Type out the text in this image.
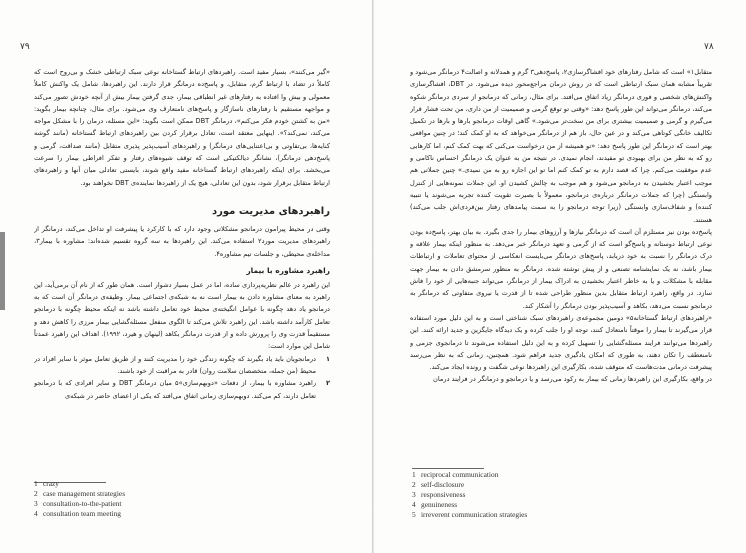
۷۹	۷۸

«گیر می‌کنند»، بسیار مفید است. راهبردهای ارتباط گستاخانه نوعی سبک ارتباطی خشک و بی‌روح است که کاملاً در تضاد با ارتباط گرم، متقابل، و پاسخ‌ده درمانگر قرار دارند. این راهبردها، شامل یک واکنش کاملاً معمولی و بیش‌ وا افتاده به رفتارهای غیر انطباقی بیمار، جدی گرفتن بیمار بیش از آنچه خودش تصور می‌کند و مواجهه مستقیم با رفتارهای ناسازگار و پاسخ‌های نامتعارف وی می‌شود. برای مثال، چنانچه بیمار بگوید: «من به کشتن خودم فکر می‌کنم»، درمانگر DBT ممکن است بگوید: «این مسئله، درمان را با مشکل مواجه می‌کند، نمی‌کند؟». اینهایی معتقد است، تعادل برقرار کردن بین راهبردهای ارتباط گستاخانه (مانند گوشه کنایه‌ها، بی‌تفاوتی و بی‌اعتنایی‌های درمانگر) و راهبردهای آسیب‌پذیر پذیری متقابل (مانند صداقت، گرمی و پاسخ‌دهی درمانگر)، نشانگر دیالکتیکی است که توقف شیوه‌های رفتار و تفکر افراطی بیمار را سرعت می‌بخشد. برای اینکه راهبردهای ارتباط گستاخانه مفید واقع شوند، بایستی تعادلی میان آنها و راهبردهای ارتباط متقابل برقرار شود، بدون این تعادلی، هیچ یک از راهبردها نماینده‌ی DBT نخواهند بود.

راهبردهای مدیریت مورد

وقتی در محیط پیرامون درمانجو مشکلاتی وجود دارد که با کارکرد یا پیشرفت او تداخل می‌کند، درمانگر از راهبردهای مدیریت مورد۲ استفاده می‌کند. این راهبردها به سه گروه تقسیم شده‌اند: مشاوره با بیمار۳، مداخله‌ی محیطی، و جلسات تیم مشاوره۴.

راهبرد مشاوره با بیمار

این راهبرد در عالم نظریه‌پردازی ساده، اما در عمل بسیار دشوار است. همان طور که از نام آن برمی‌آید، این راهبرد به معنای مشاوره دادن به بیمار است نه به شبکه‌ی اجتماعی بیمار. وظیفه‌ی درمانگر آن است که به درمانجو یاد دهد چگونه با عوامل انگیخته‌ی محیط خود تعامل داشته باشد نه اینکه محیط چگونه با درمانجو تعامل کارآمد داشته باشد. این راهبرد تلاش می‌کند تا الگوی منفعل مسئله‌گشایی بیمار مرزی را کاهش دهد و مستقیماً قدرت وی را پرورش داده و از قدرت درمانگر بکاهد (لینهان و هیرد، ۱۹۹۲). اهداف این راهبرد عمدتاً شامل این موارد است:

۱
درمانجویان باید یاد بگیرند که چگونه زندگی خود را مدیریت کنند و از طریق تعامل موثر با سایر افراد در محیط (من جمله، متخصصان سلامت روان) قادر به مراقبت از خود باشند.
۲
راهبرد مشاوره با بیمار، از دفعات «دوبهم‌سازی»۵ میان درمانگر DBT و سایر افرادی که با درمانجو تعامل دارند، کم می‌کند. دوبهم‌سازی زمانی اتفاق می‌افتد که یکی از اعضای حاضر در شبکه‌ی
1 crazy
2 case management strategies
3 consultation-to-the-patient
4 consultation team meeting

متقابل۱» است که شامل رفتارهای خود افشاگرسازی۲، پاسخ‌دهی۳ گرم و همدلانه و اصالت۴ درمانگر می‌شود و تقریباً مشابه همان سبک ارتباطی است که در روش درمان مراجع‌محور دیده می‌شود. در DBT، افشاگرسازی واکنش‌های شخصی و فوری درمانگر زیاد اتفاق می‌افتد. برای مثال، زمانی که درمانجو از سردی درمانگر شکوه می‌کند، درمانگر می‌تواند این طور پاسخ دهد: «وقتی تو توقع گرمی و صمیمیت از من داری، من تحت فشار قرار می‌گیرم و گرمی و صمیمیت بیشتری برای من سخت‌تر می‌شود.» گاهی اوقات درمانجو بارها و بارها در تکمیل تکالیف خانگی کوتاهی می‌کند و در عین حال، باز هم از درمانگر می‌خواهد که به او کمک کند؛ در چنین مواقعی بهتر است که درمانگر این طور پاسخ دهد: «تو همیشه از من درخواست می‌کنی که بهت کمک کنم، اما کارهایی رو که به نظر من برای بهبودی تو مفیدند، انجام نمیدی. در نتیجه من به عنوان یک درمانگر احساس ناکامی و عدم موفقیت می‌کنم. چرا که قصد دارم به تو کمک کنم اما تو این اجازه رو به من نمیدی.» چنین جملاتی هم موجب اعتبار بخشیدن به درمانجو می‌شود و هم موجب به چالش کشیدن او. این جملات نمونه‌هایی از کنترل وابستگی (چرا که جملات درمانگر درباره‌ی درمانجو، معمولاً با بصیرت تقویت کننده تجربه می‌شوند یا تنبیه کننده) و شفاف‌سازی وابستگی (زیرا توجه درمانجو را به سمت پیامدهای رفتار بین‌فردی‌اش جلب می‌کند) هستند.

پاسخ‌ده بودن نیز مستلزم آن است که درمانگر نیازها و آرزوهای بیمار را جدی بگیرد. به بیان بهتر، پاسخ‌ده بودن نوعی ارتباط دوستانه و پاسخ‌گو است که از گرمی و تعهد درمانگر خبر می‌دهد. به منظور اینکه بیمار علاقه و درک درمانگر را نسبت به خود دریابد، پاسخ‌های درمانگر می‌بایست انعکاسی از محتوای تعاملات و ارتباطات بیمار باشد، نه یک نمایشنامه تصنعی و از پیش نوشته شده. درمانگر به منظور سرمشق دادن به بیمار جهت مقابله با مشکلات و یا به خاطر اعتبار بخشیدن به ادراک بیمار از درمانگر، می‌تواند جنبه‌هایی از خود را فاش سازد. در واقع، راهبرد ارتباط متقابل بدین منظور طراحی شده تا از قدرت یا نیروی متفاوتی که درمانگر به درمانجو نسبت می‌دهد، بکاهد و آسیب‌پذیر بودن درمانگر را آشکار کند.

«راهبردهای ارتباط گستاخانه۵» دومین مجموعه‌ی راهبردهای سبک شناختی است و به این دلیل مورد استفاده قرار می‌گیرند تا بیمار را موقتاً نامتعادل کنند، توجه او را جلب کرده و یک دیدگاه جایگزین و جدید ارائه کنند. این راهبردها می‌توانند فرایند مسئله‌گشایی را تسهیل کرده و به این دلیل استفاده می‌شوند تا درمانجوی جزمی و نامنعطف را تکان دهند، به طوری که امکان یادگیری جدید فراهم شود. همچنین، زمانی که به نظر می‌رسد پیشرفت درمانی مدت‌هاست که متوقف شده، بکارگیری این راهبردها نوعی شگفت و رونده ایجاد می‌کند.

در واقع، بکارگیری این راهبردها زمانی که بیمار به رکود می‌رسد و یا درمانجو و درمانگر در فرایند درمان

1 reciprocal communication
2 self-disclosure
3 responsiveness
4 genuineness
5 irreverent communication strategies
